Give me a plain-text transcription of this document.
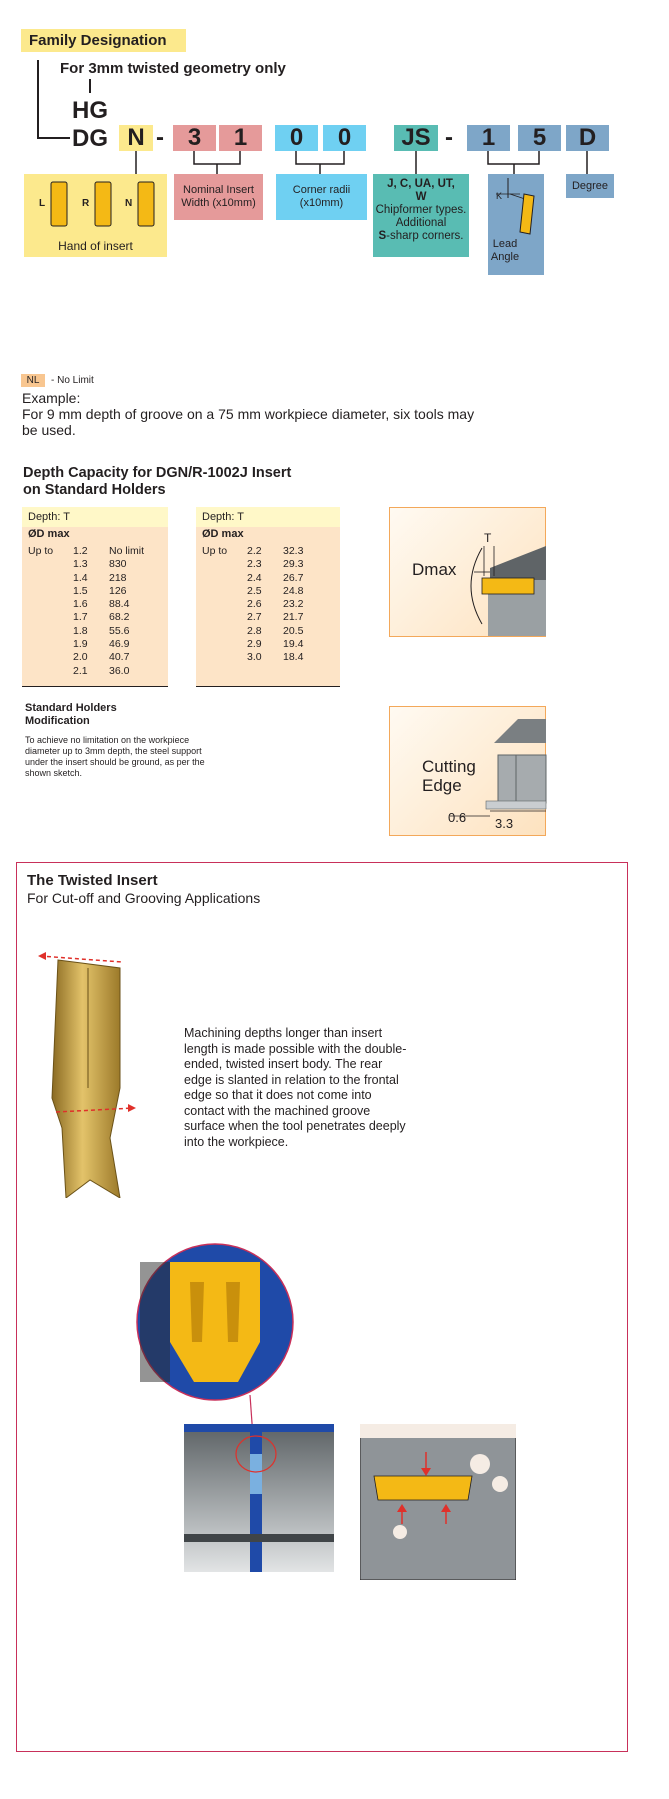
Family Designation
For 3mm twisted geometry only
HG
DG N - 3	1	0	0	JS -	1	5	D
L	R	N
Hand of insert
Nominal Insert Width (x10mm)
Corner radii (x10mm)
J, C, UA, UT, W
Chipformer types. Additional
S-sharp corners.
K
Lead Angle
Degree
NL	- No Limit
Example:
For 9 mm depth of groove on a 75 mm workpiece diameter, six tools may be used.
Depth Capacity for DGN/R-1002J Insert
on Standard Holders
Depth: T
ØD max
Up to	1.2	No limit
1.3	830
1.4	218
1.5	126
1.6	88.4
1.7	68.2
1.8	55.6
1.9	46.9
2.0	40.7
2.1	36.0
Depth: T
ØD max
Up to	2.2	32.3
2.3	29.3
2.4	26.7
2.5	24.8
2.6	23.2
2.7	21.7
2.8	20.5
2.9	19.4
3.0	18.4
Dmax
T
Standard Holders
Modification
To achieve no limitation on the workpiece diameter up to 3mm depth, the steel support under the insert should be ground, as per the shown sketch.	Cutting
Edge
0.6 3.3
The Twisted Insert
For Cut-off and Grooving Applications
Machining depths longer than insert length is made possible with the double-ended, twisted insert body. The rear edge is slanted in relation to the frontal edge so that it does not come into contact with the machined groove surface when the tool penetrates deeply into the workpiece.
